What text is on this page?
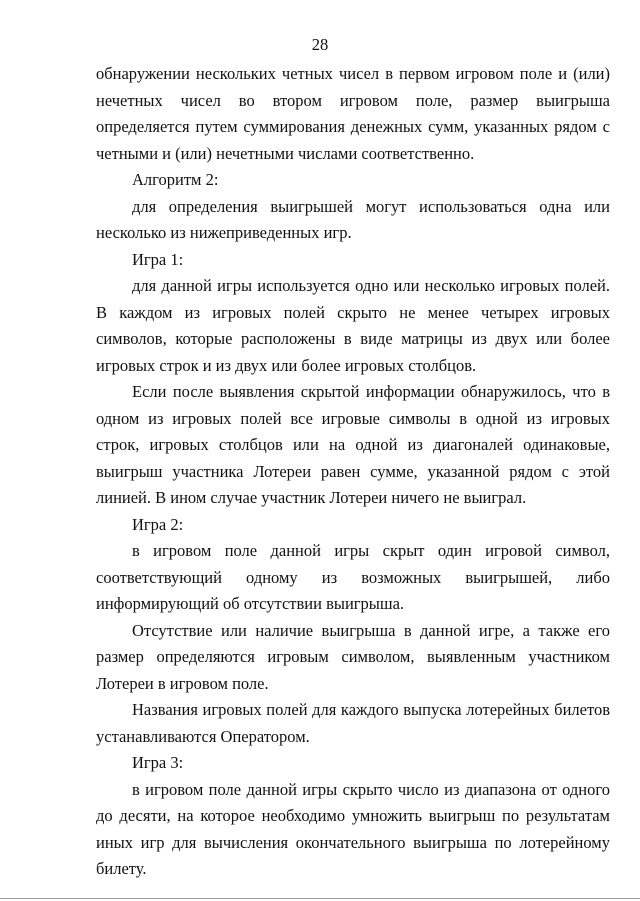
28

обнаружении нескольких четных чисел в первом игровом поле и (или) нечетных чисел во втором игровом поле, размер выигрыша определяется путем суммирования денежных сумм, указанных рядом с четными и (или) нечетными числами соответственно.

Алгоритм 2:

для определения выигрышей могут использоваться одна или несколько из нижеприведенных игр.

Игра 1:

для данной игры используется одно или несколько игровых полей. В каждом из игровых полей скрыто не менее четырех игровых символов, которые расположены в виде матрицы из двух или более игровых строк и из двух или более игровых столбцов.

Если после выявления скрытой информации обнаружилось, что в одном из игровых полей все игровые символы в одной из игровых строк, игровых столбцов или на одной из диагоналей одинаковые, выигрыш участника Лотереи равен сумме, указанной рядом с этой линией. В ином случае участник Лотереи ничего не выиграл.

Игра 2:

в игровом поле данной игры скрыт один игровой символ, соответствующий одному из возможных выигрышей, либо информирующий об отсутствии выигрыша.

Отсутствие или наличие выигрыша в данной игре, а также его размер определяются игровым символом, выявленным участником Лотереи в игровом поле.

Названия игровых полей для каждого выпуска лотерейных билетов устанавливаются Оператором.

Игра 3:

в игровом поле данной игры скрыто число из диапазона от одного до десяти, на которое необходимо умножить выигрыш по результатам иных игр для вычисления окончательного выигрыша по лотерейному билету.
